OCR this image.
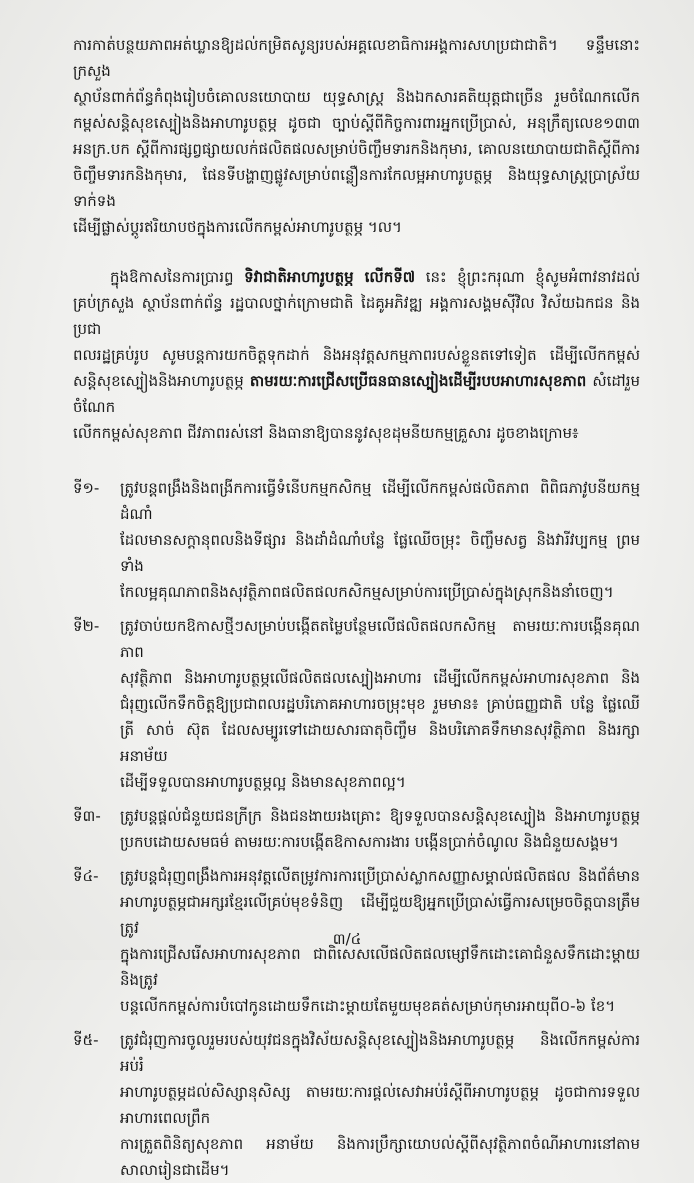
ការកាត់បន្ថយភាពអត់ឃ្លានឱ្យដល់កម្រិតសូន្យរបស់អគ្គលេខាធិការអង្គការសហប្រជាជាតិ។ ទន្ទឹមនោះ ក្រសួង
ស្ថាប័នពាក់ព័ន្ធកំពុងរៀបចំគោលនយោបាយ យុទ្ធសាស្ត្រ និងឯកសារគតិយុត្តជាច្រើន រួមចំណែកលើក
កម្ពស់សន្តិសុខស្បៀងនិងអាហារូបត្ថម្ភ ដូចជា ច្បាប់ស្តីពីកិច្ចការពារអ្នកប្រើប្រាស់, អនុក្រឹត្យលេខ១៣៣
អនក្រ.បក ស្តីពីការផ្សព្វផ្សាយលក់ផលិតផលសម្រាប់ចិញ្ចឹមទារកនិងកុមារ, គោលនយោបាយជាតិស្តីពីការ
ចិញ្ចឹមទារកនិងកុមារ, ផែនទីបង្ហាញផ្លូវសម្រាប់ពន្លឿនការកែលម្អអាហារូបត្ថម្ភ និងយុទ្ធសាស្ត្រប្រាស្រ័យទាក់ទង
ដើម្បីផ្លាស់ប្តូរឥរិយាបថក្នុងការលើកកម្ពស់អាហារូបត្ថម្ភ ។ល។
ក្នុងឱកាសនៃការប្រារព្ធ ទិវាជាតិអាហារូបត្ថម្ភ លើកទី៧ នេះ ខ្ញុំព្រះករុណា ខ្ញុំសូមអំពាវនាវដល់
គ្រប់ក្រសួង ស្ថាប័នពាក់ព័ន្ធ រដ្ឋបាលថ្នាក់ក្រោមជាតិ ដៃគូអភិវឌ្ឍ អង្គការសង្គមស៊ីវិល វិស័យឯកជន និងប្រជា
ពលរដ្ឋគ្រប់រូប សូមបន្តការយកចិត្តទុកដាក់ និងអនុវត្តសកម្មភាពរបស់ខ្លួនតទៅទៀត ដើម្បីលើកកម្ពស់
សន្តិសុខស្បៀងនិងអាហារូបត្ថម្ភ តាមរយៈការជ្រើសប្រើធនធានស្បៀងដើម្បីរបបអាហារសុខភាព សំដៅរួមចំណែក
លើកកម្ពស់សុខភាព ជីវភាពរស់នៅ និងធានាឱ្យបាននូវសុខដុមនីយកម្មគ្រួសារ ដូចខាងក្រោម៖
ទី១-	ត្រូវបន្តពង្រឹងនិងពង្រីកការធ្វើទំនើបកម្មកសិកម្ម ដើម្បីលើកកម្ពស់ផលិតភាព ពិពិធភាវូបនីយកម្មដំណាំ
ដែលមានសក្តានុពលនិងទីផ្សារ និងដាំដំណាំបន្លែ ផ្លែឈើចម្រុះ ចិញ្ចឹមសត្វ និងវារីវប្បកម្ម ព្រមទាំង
កែលម្អគុណភាពនិងសុវត្ថិភាពផលិតផលកសិកម្មសម្រាប់ការប្រើប្រាស់ក្នុងស្រុកនិងនាំចេញ។
ទី២-	ត្រូវចាប់យកឱកាសថ្មីៗសម្រាប់បង្កើតតម្លៃបន្ថែមលើផលិតផលកសិកម្ម តាមរយៈការបង្កើនគុណភាព
សុវត្ថិភាព និងអាហារូបត្ថម្ភលើផលិតផលស្បៀងអាហារ ដើម្បីលើកកម្ពស់អាហារសុខភាព និង
ជំរុញលើកទឹកចិត្តឱ្យប្រជាពលរដ្ឋបរិភោគអាហារចម្រុះមុខ រួមមាន៖ គ្រាប់ធញ្ញជាតិ បន្លែ ផ្លែឈើ
ត្រី សាច់ ស៊ុត ដែលសម្បូរទៅដោយសារធាតុចិញ្ចឹម និងបរិភោគទឹកមានសុវត្ថិភាព និងរក្សាអនាម័យ
ដើម្បីទទួលបានអាហារូបត្ថម្ភល្អ និងមានសុខភាពល្អ។
ទី៣-	ត្រូវបន្តផ្តល់ជំនួយជនក្រីក្រ និងជនងាយរងគ្រោះ ឱ្យទទួលបានសន្តិសុខស្បៀង និងអាហារូបត្ថម្ភ
ប្រកបដោយសមធម៌ តាមរយៈការបង្កើតឱកាសការងារ បង្កើនប្រាក់ចំណូល និងជំនួយសង្គម។
ទី៤-	ត្រូវបន្តជំរុញពង្រឹងការអនុវត្តលើតម្រូវការការប្រើប្រាស់ស្លាកសញ្ញាសម្គាល់ផលិតផល និងព័ត៌មាន
អាហារូបត្ថម្ភជាអក្សរខ្មែរលើគ្រប់មុខទំនិញ ដើម្បីជួយឱ្យអ្នកប្រើប្រាស់ធ្វើការសម្រេចចិត្តបានត្រឹមត្រូវ
ក្នុងការជ្រើសរើសអាហារសុខភាព ជាពិសេសលើផលិតផលម្សៅទឹកដោះគោជំនួសទឹកដោះម្តាយ និងត្រូវ
បន្តលើកកម្ពស់ការបំបៅកូនដោយទឹកដោះម្តាយតែមួយមុខគត់សម្រាប់កុមារអាយុពី០-៦ ខែ។
ទី៥-	ត្រូវជំរុញការចូលរួមរបស់យុវជនក្នុងវិស័យសន្តិសុខស្បៀងនិងអាហារូបត្ថម្ភ និងលើកកម្ពស់ការអប់រំ
អាហារូបត្ថម្ភដល់សិស្សានុសិស្ស តាមរយៈការផ្តល់សេវាអប់រំស្តីពីអាហារូបត្ថម្ភ ដូចជាការទទួលអាហារពេលព្រឹក
ការត្រួតពិនិត្យសុខភាព អនាម័យ និងការប្រឹក្សាយោបល់ស្តីពីសុវត្ថិភាពចំណីអាហារនៅតាម
សាលារៀនជាដើម។
៣/៤
